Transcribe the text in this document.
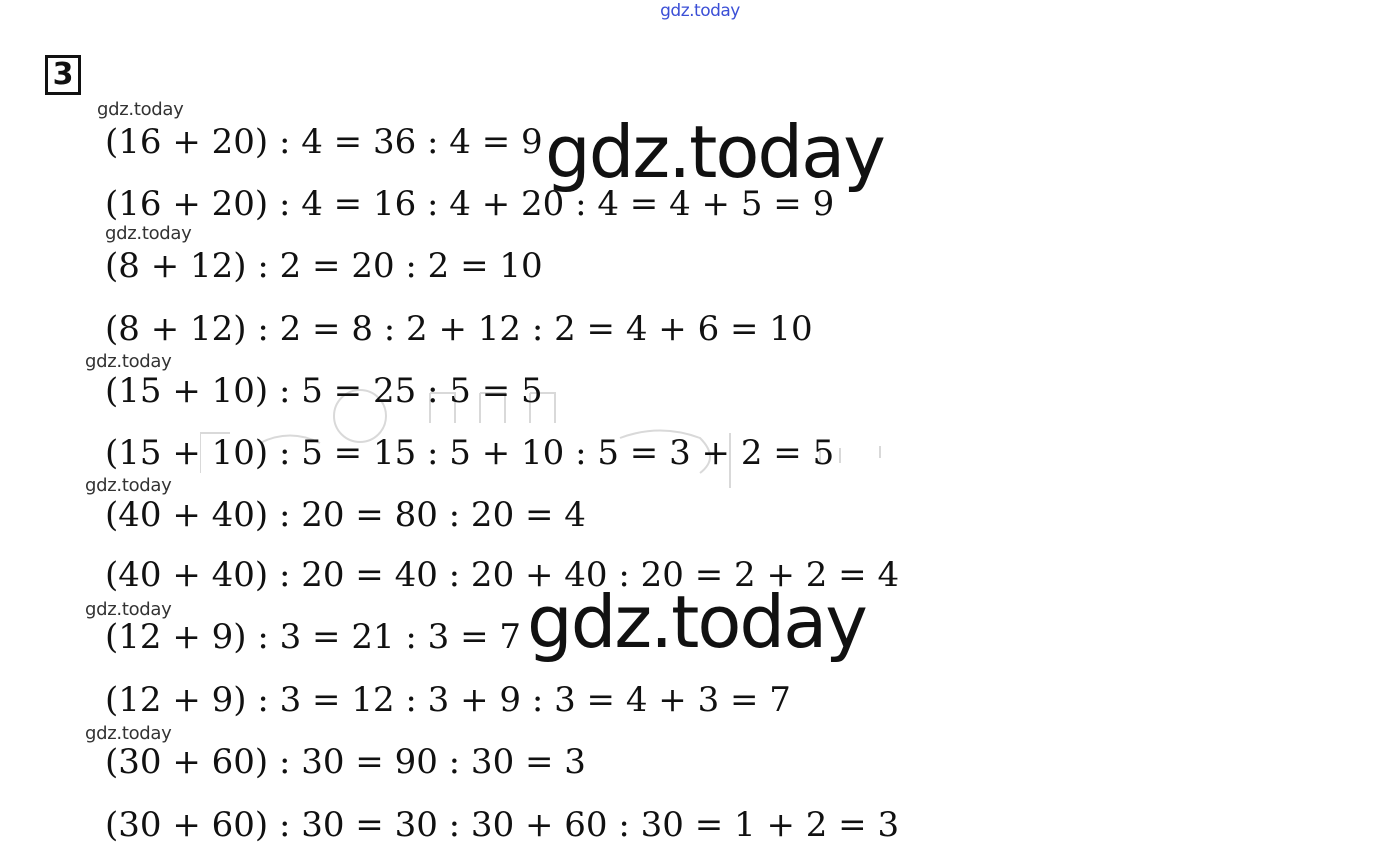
gdz.today
3
gdz.today
(16 + 20) : 4 = 36 : 4 = 9 gdz.today
(16 + 20) : 4 = 16 : 4 + 20 : 4 = 4 + 5 = 9
gdz.today
(8 + 12) : 2 = 20 : 2 = 10
(8 + 12) : 2 = 8 : 2 + 12 : 2 = 4 + 6 = 10
gdz.today
(15 + 10) : 5 = 25 : 5 = 5
(15 + 10) : 5 = 15 : 5 + 10 : 5 = 3 + 2 = 5
gdz.today
(40 + 40) : 20 = 80 : 20 = 4
(40 + 40) : 20 = 40 : 20 + 40 : 20 = 2 + 2 = 4
gdz.today
(12 + 9) : 3 = 21 : 3 = 7 gdz.today
(12 + 9) : 3 = 12 : 3 + 9 : 3 = 4 + 3 = 7
gdz.today
(30 + 60) : 30 = 90 : 30 = 3
(30 + 60) : 30 = 30 : 30 + 60 : 30 = 1 + 2 = 3
